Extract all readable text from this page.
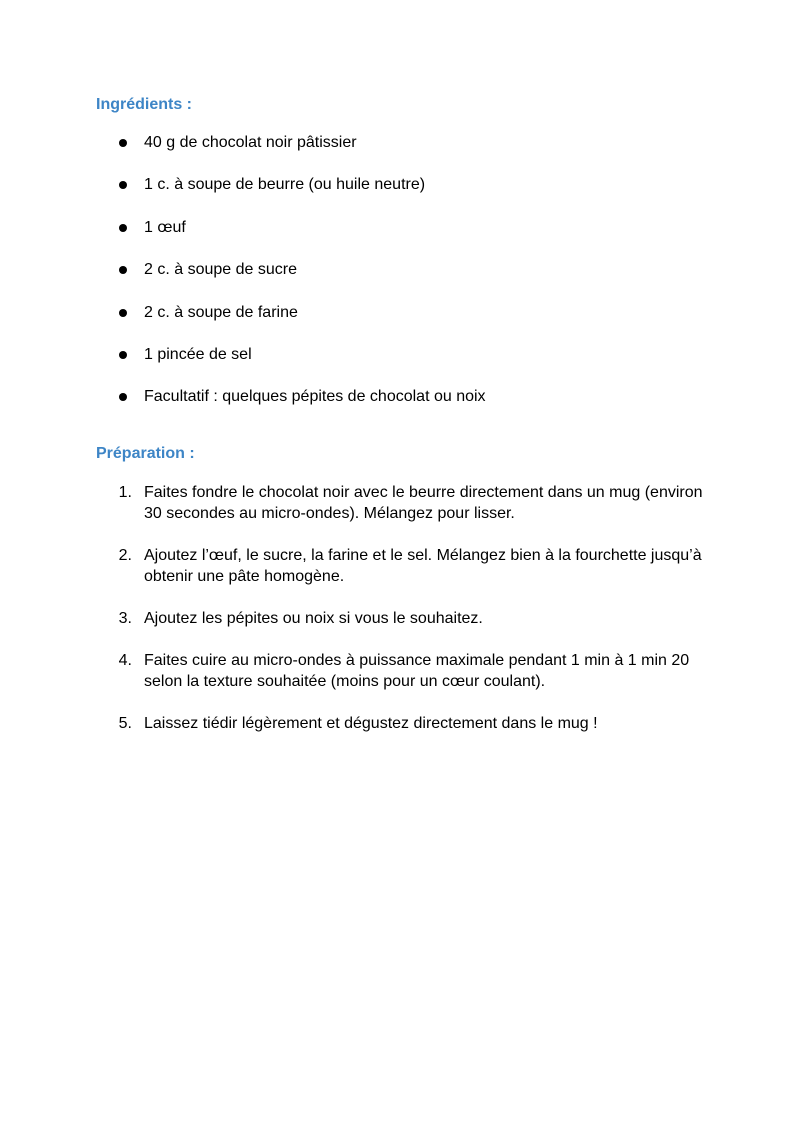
Ingrédients :
40 g de chocolat noir pâtissier
1 c. à soupe de beurre (ou huile neutre)
1 œuf
2 c. à soupe de sucre
2 c. à soupe de farine
1 pincée de sel
Facultatif : quelques pépites de chocolat ou noix
Préparation :
1. Faites fondre le chocolat noir avec le beurre directement dans un mug (environ 30 secondes au micro-ondes). Mélangez pour lisser.
2. Ajoutez l’œuf, le sucre, la farine et le sel. Mélangez bien à la fourchette jusqu’à obtenir une pâte homogène.
3. Ajoutez les pépites ou noix si vous le souhaitez.
4. Faites cuire au micro-ondes à puissance maximale pendant 1 min à 1 min 20 selon la texture souhaitée (moins pour un cœur coulant).
5. Laissez tiédir légèrement et dégustez directement dans le mug !
